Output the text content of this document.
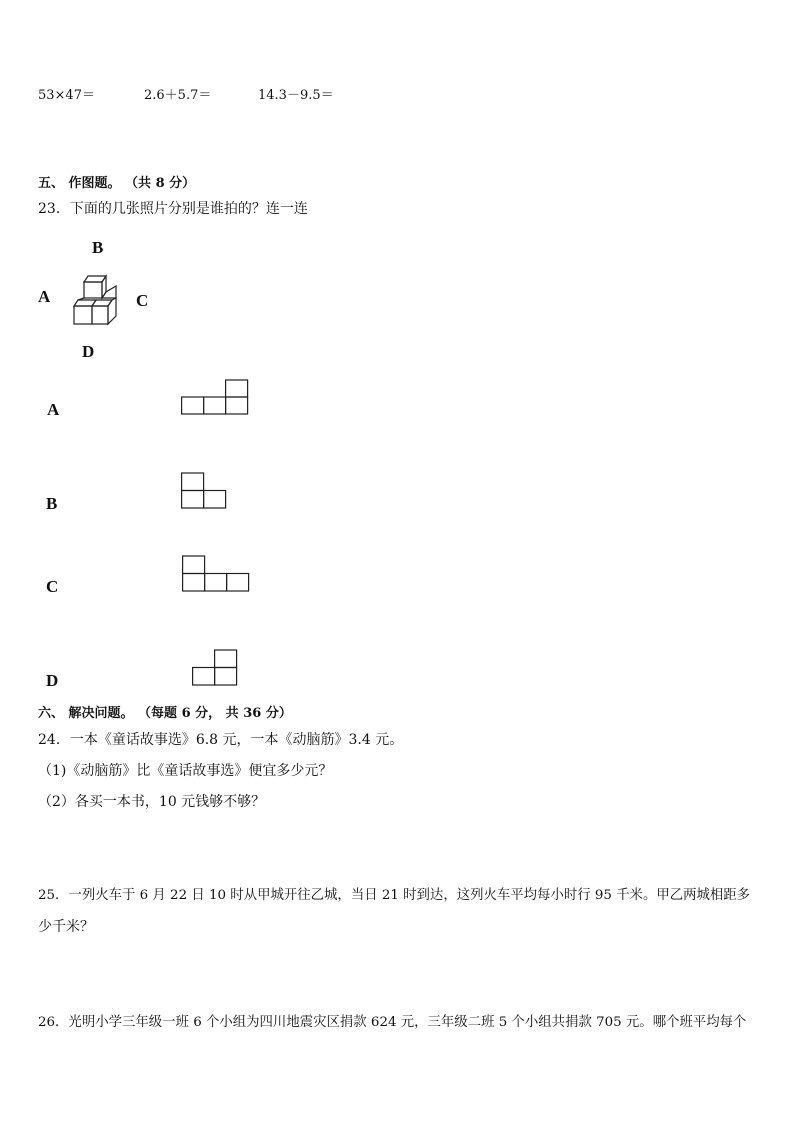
53×47＝	2.6＋5.7＝	14.3－9.5＝
五、 作图题。 （共 8 分）
23．下面的几张照片分别是谁拍的？连一连
B
A	C
D
A
B
C
D
六、 解决问题。 （每题 6 分， 共 36 分）
24．一本《童话故事选》6.8 元，一本《动脑筋》3.4 元。
（1)《动脑筋》比《童话故事选》便宜多少元？
（2）各买一本书，10 元钱够不够？
25．一列火车于 6 月 22 日 10 时从甲城开往乙城，当日 21 时到达，这列火车平均每小时行 95 千米。甲乙两城相距多
少千米？
26．光明小学三年级一班 6 个小组为四川地震灾区捐款 624 元，三年级二班 5 个小组共捐款 705 元。哪个班平均每个
